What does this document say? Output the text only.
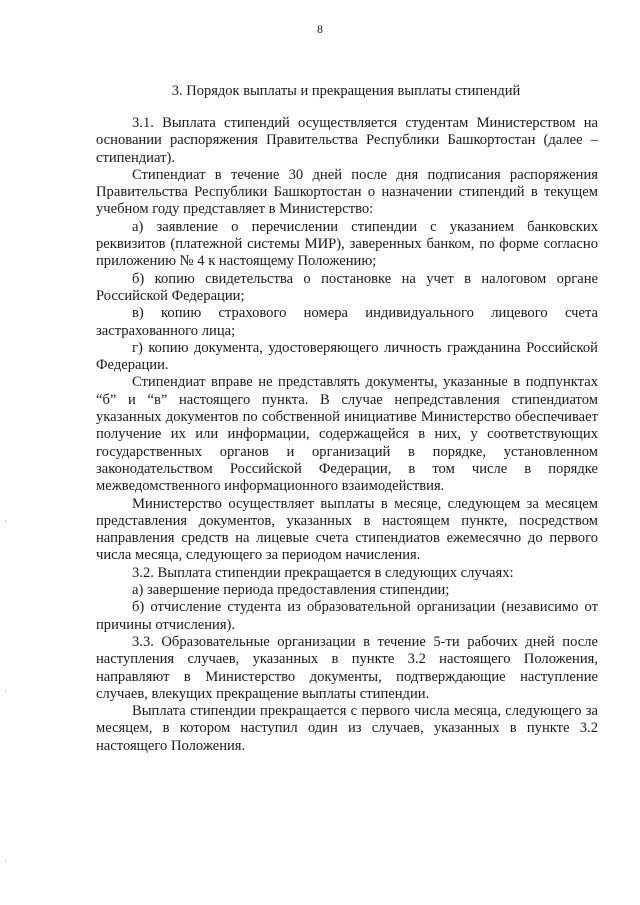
8
3. Порядок выплаты и прекращения выплаты стипендий

3.1. Выплата стипендий осуществляется студентам Министерством на основании распоряжения Правительства Республики Башкортостан (далее – стипендиат).

Стипендиат в течение 30 дней после дня подписания распоряжения Правительства Республики Башкортостан о назначении стипендий в текущем учебном году представляет в Министерство:

а) заявление о перечислении стипендии с указанием банковских реквизитов (платежной системы МИР), заверенных банком, по форме согласно приложению № 4 к настоящему Положению;

б) копию свидетельства о постановке на учет в налоговом органе Российской Федерации;

в) копию страхового номера индивидуального лицевого счета застрахованного лица;

г) копию документа, удостоверяющего личность гражданина Российской Федерации.

Стипендиат вправе не представлять документы, указанные в подпунктах “б” и “в” настоящего пункта. В случае непредставления стипендиатом указанных документов по собственной инициативе Министерство обеспечивает получение их или информации, содержащейся в них, у соответствующих государственных органов и организаций в порядке, установленном законодательством Российской Федерации, в том числе в порядке межведомственного информационного взаимодействия.

Министерство осуществляет выплаты в месяце, следующем за месяцем представления документов, указанных в настоящем пункте, посредством направления средств на лицевые счета стипендиатов ежемесячно до первого числа месяца, следующего за периодом начисления.

3.2. Выплата стипендии прекращается в следующих случаях:

а) завершение периода предоставления стипендии;

б) отчисление студента из образовательной организации (независимо от причины отчисления).

3.3. Образовательные организации в течение 5-ти рабочих дней после наступления случаев, указанных в пункте 3.2 настоящего Положения, направляют в Министерство документы, подтверждающие наступление случаев, влекущих прекращение выплаты стипендии.

Выплата стипендии прекращается с первого числа месяца, следующего за месяцем, в котором наступил один из случаев, указанных в пункте 3.2 настоящего Положения.
